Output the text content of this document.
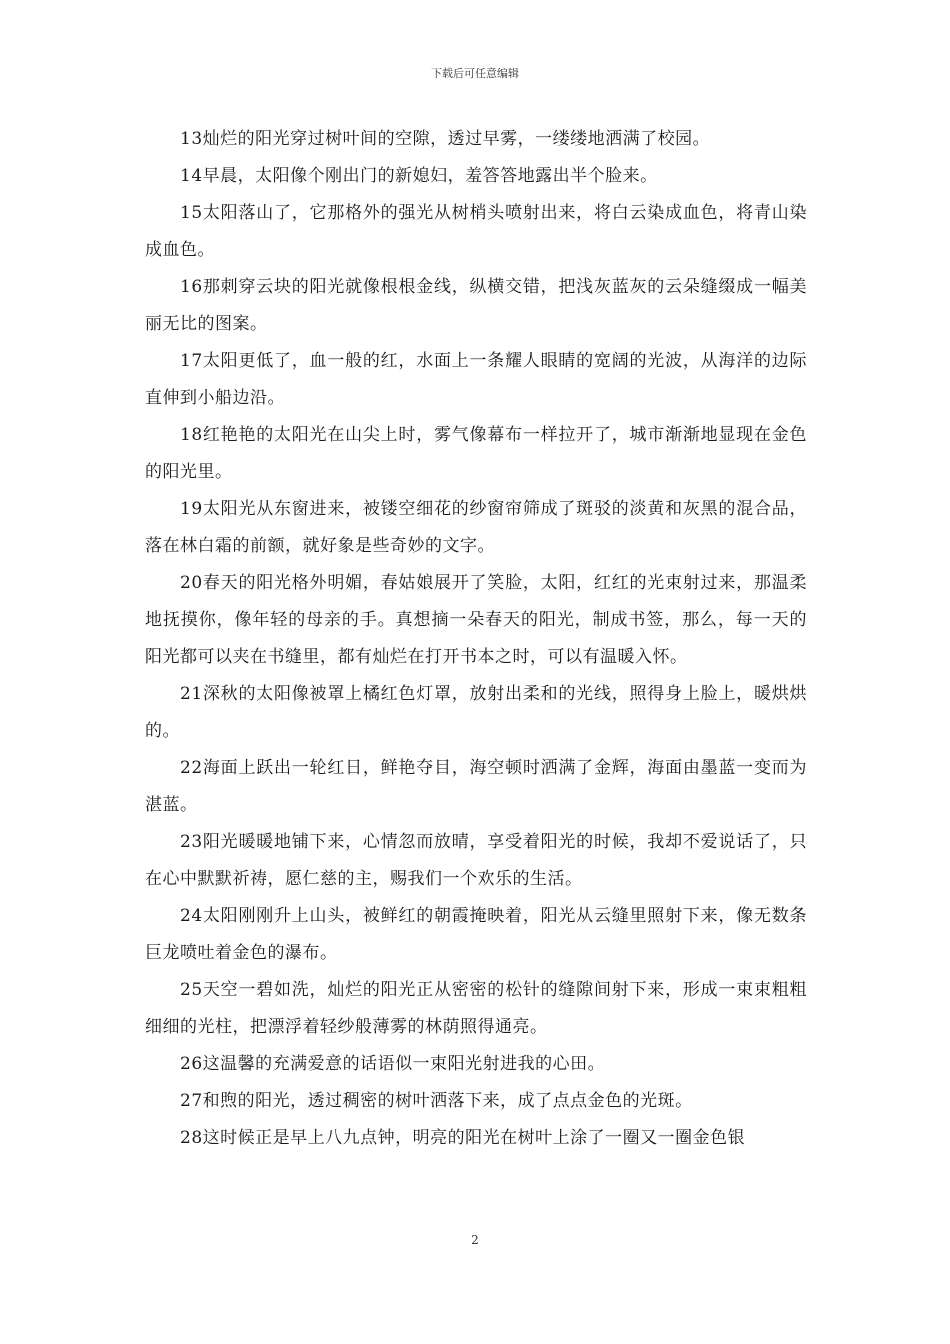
下载后可任意编辑

13灿烂的阳光穿过树叶间的空隙，透过早雾，一缕缕地洒满了校园。

14早晨，太阳像个刚出门的新媳妇，羞答答地露出半个脸来。

15太阳落山了，它那格外的强光从树梢头喷射出来，将白云染成血色，将青山染成血色。

16那刺穿云块的阳光就像根根金线，纵横交错，把浅灰蓝灰的云朵缝缀成一幅美丽无比的图案。

17太阳更低了，血一般的红，水面上一条耀人眼睛的宽阔的光波，从海洋的边际直伸到小船边沿。

18红艳艳的太阳光在山尖上时，雾气像幕布一样拉开了，城市渐渐地显现在金色的阳光里。

19太阳光从东窗进来，被镂空细花的纱窗帘筛成了斑驳的淡黄和灰黑的混合品，落在林白霜的前额，就好象是些奇妙的文字。

20春天的阳光格外明媚，春姑娘展开了笑脸，太阳，红红的光束射过来，那温柔地抚摸你，像年轻的母亲的手。真想摘一朵春天的阳光，制成书签，那么，每一天的阳光都可以夹在书缝里，都有灿烂在打开书本之时，可以有温暖入怀。

21深秋的太阳像被罩上橘红色灯罩，放射出柔和的光线，照得身上脸上，暖烘烘的。

22海面上跃出一轮红日，鲜艳夺目，海空顿时洒满了金辉，海面由墨蓝一变而为湛蓝。

23阳光暖暖地铺下来，心情忽而放晴，享受着阳光的时候，我却不爱说话了，只在心中默默祈祷，愿仁慈的主，赐我们一个欢乐的生活。

24太阳刚刚升上山头，被鲜红的朝霞掩映着，阳光从云缝里照射下来，像无数条巨龙喷吐着金色的瀑布。

25天空一碧如洗，灿烂的阳光正从密密的松针的缝隙间射下来，形成一束束粗粗细细的光柱，把漂浮着轻纱般薄雾的林荫照得通亮。

26这温馨的充满爱意的话语似一束阳光射进我的心田。

27和煦的阳光，透过稠密的树叶洒落下来，成了点点金色的光斑。

28这时候正是早上八九点钟，明亮的阳光在树叶上涂了一圈又一圈金色银

2
